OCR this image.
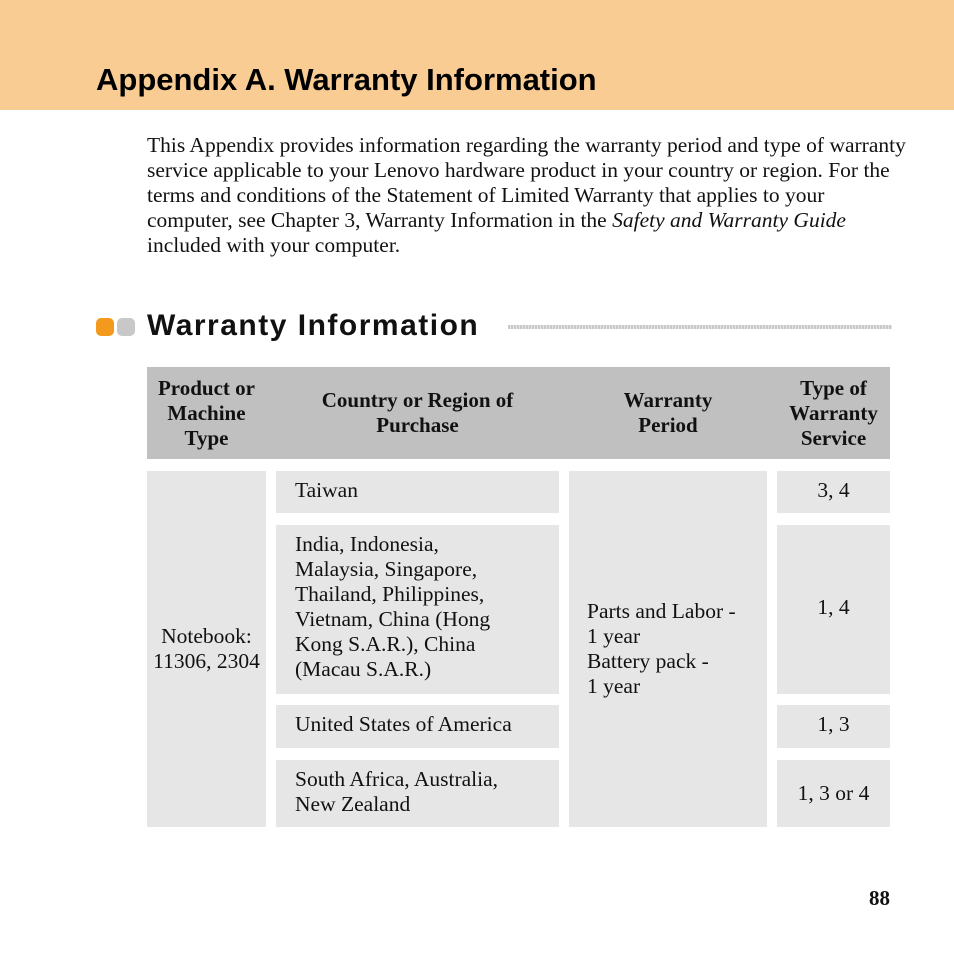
Appendix A. Warranty Information

This Appendix provides information regarding the warranty period and type of warranty service applicable to your Lenovo hardware product in your country or region. For the terms and conditions of the Statement of Limited Warranty that applies to your computer, see Chapter 3, Warranty Information in the Safety and Warranty Guide included with your computer.

Warranty Information
Product or
Machine
Type
Country or Region of
Purchase
Warranty
Period
Type of
Warranty
Service
Notebook:
11306, 2304
Taiwan
India, Indonesia,
Malaysia, Singapore,
Thailand, Philippines,
Vietnam, China (Hong
Kong S.A.R.), China
(Macau S.A.R.)
United States of America
South Africa, Australia,
New Zealand
Parts and Labor -
1 year
Battery pack -
1 year
3, 4
1, 4
1, 3
1, 3 or 4
88
